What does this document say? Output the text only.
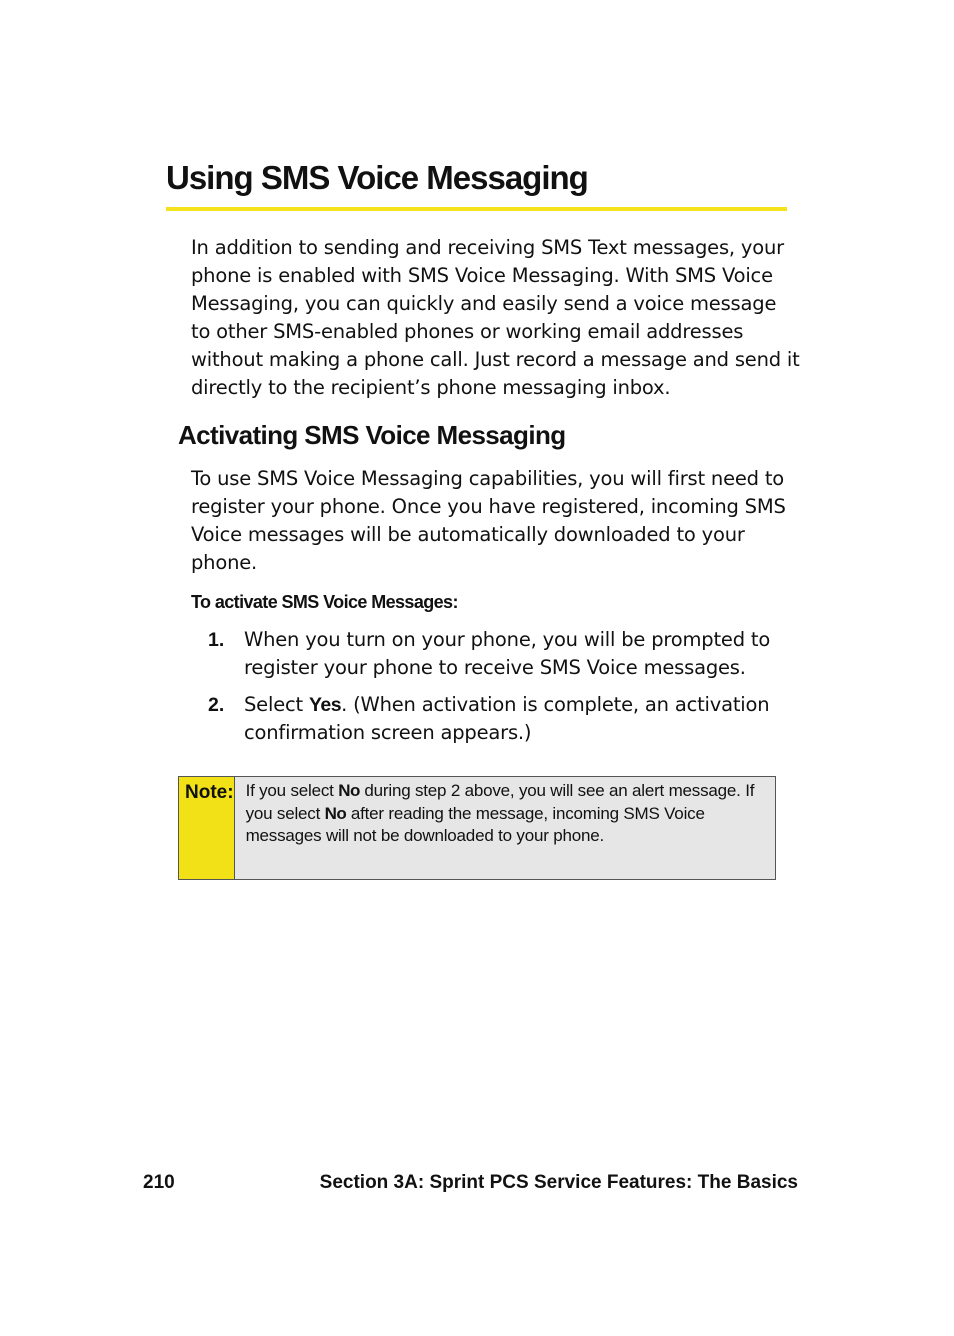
Using SMS Voice Messaging

In addition to sending and receiving SMS Text messages, your phone is enabled with SMS Voice Messaging. With SMS Voice Messaging, you can quickly and easily send a voice message to other SMS-enabled phones or working email addresses without making a phone call. Just record a message and send it directly to the recipient’s phone messaging inbox.

Activating SMS Voice Messaging

To use SMS Voice Messaging capabilities, you will first need to register your phone. Once you have registered, incoming SMS Voice messages will be automatically downloaded to your phone.

To activate SMS Voice Messages:
1. When you turn on your phone, you will be prompted to register your phone to receive SMS Voice messages.

2. Select Yes. (When activation is complete, an activation confirmation screen appears.)

Note: If you select No during step 2 above, you will see an alert message. If you select No after reading the message, incoming SMS Voice messages will not be downloaded to your phone.

210	Section 3A: Sprint PCS Service Features: The Basics
